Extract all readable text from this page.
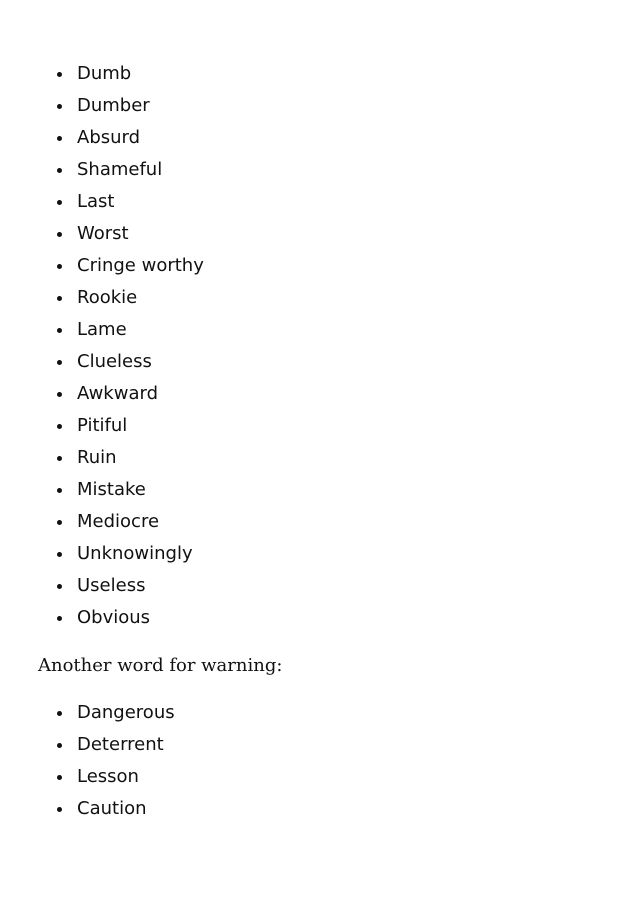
Dumb
Dumber
Absurd
Shameful
Last
Worst
Cringe worthy
Rookie
Lame
Clueless
Awkward
Pitiful
Ruin
Mistake
Mediocre
Unknowingly
Useless
Obvious

Another word for warning:

Dangerous
Deterrent
Lesson
Caution
